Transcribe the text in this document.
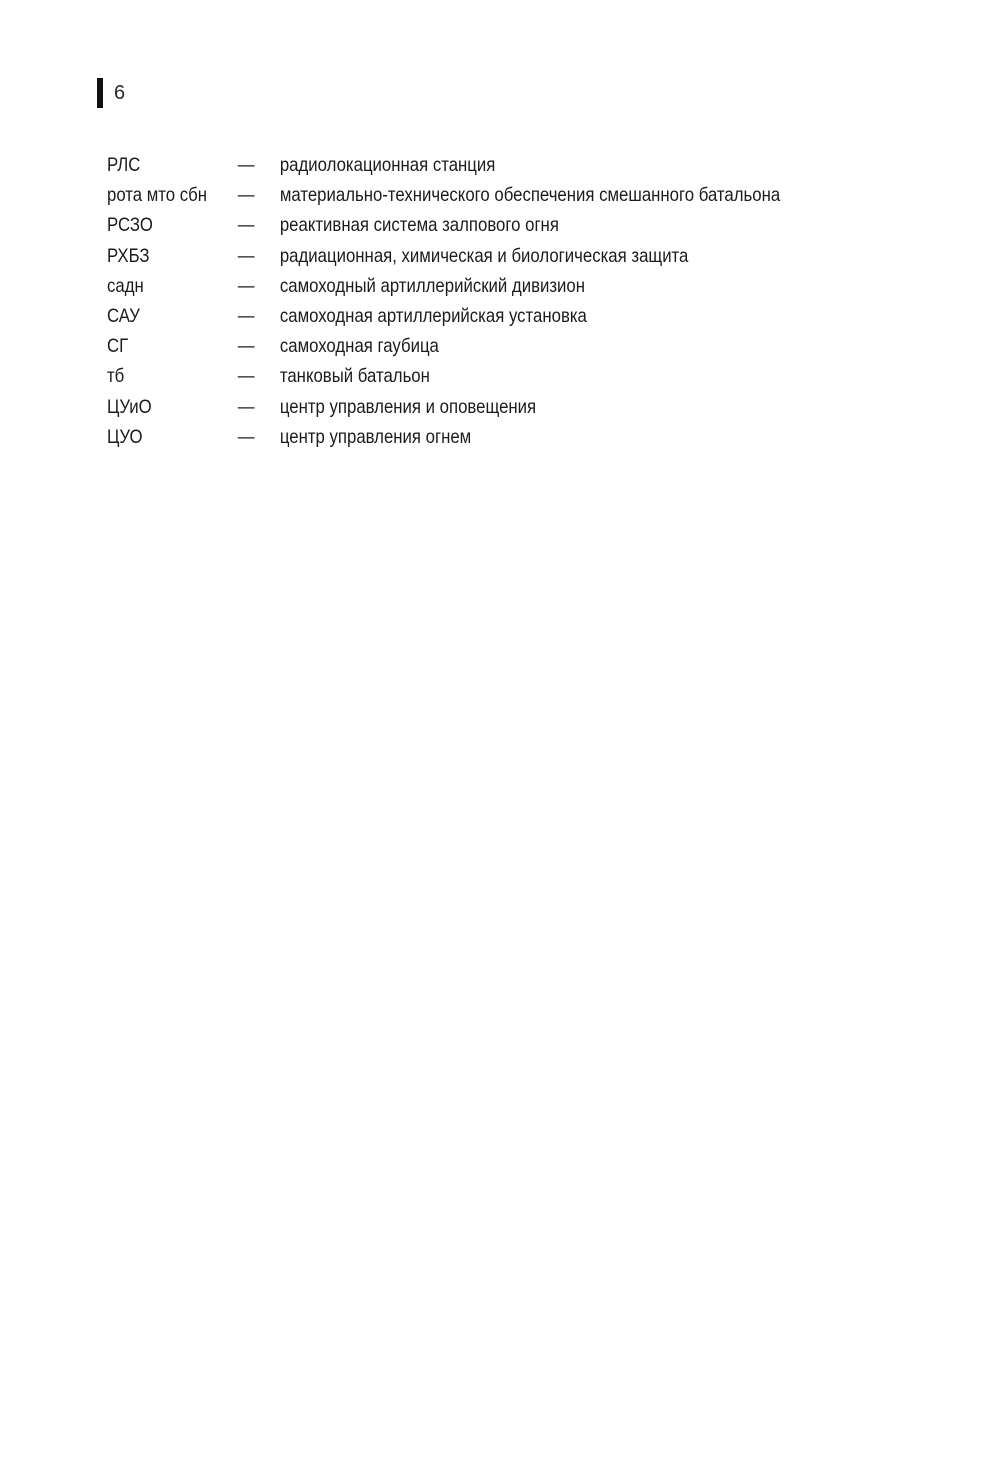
6
РЛС	— радиолокационная станция
рота мто сбн — материально-технического обеспечения смешанного батальона
РСЗО	— реактивная система залпового огня
РХБЗ	— радиационная, химическая и биологическая защита
садн	— самоходный артиллерийский дивизион
САУ	— самоходная артиллерийская установка
СГ	— самоходная гаубица
тб	— танковый батальон
ЦУиО	— центр управления и оповещения
ЦУО	— центр управления огнем
